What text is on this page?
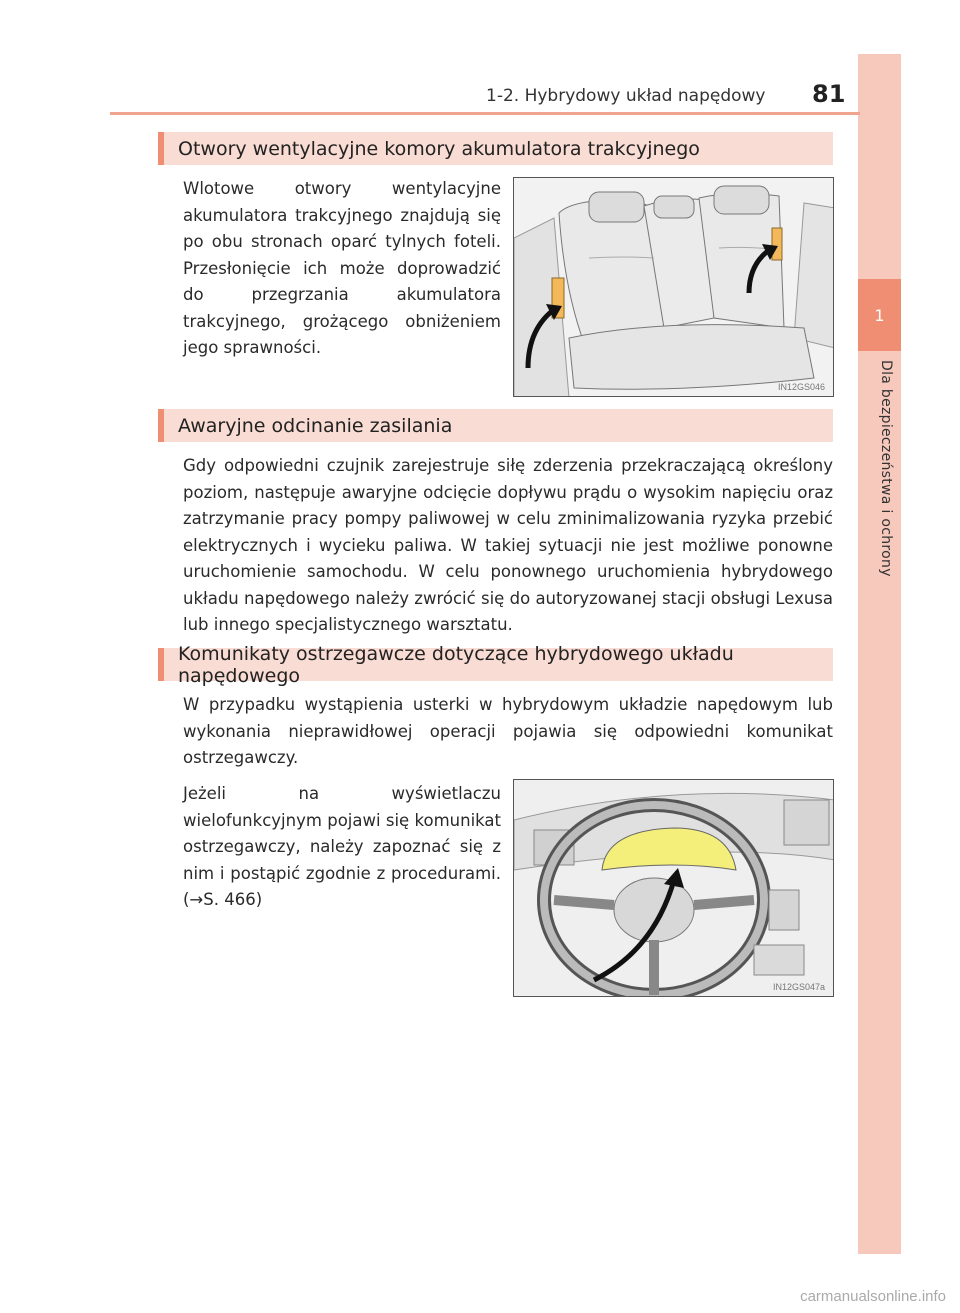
1
Dla bezpieczeństwa i ochrony
1-2. Hybrydowy układ napędowy 81
Otwory wentylacyjne komory akumulatora trakcyjnego
Wlotowe otwory wentylacyjne akumulatora trakcyjnego znajdują się po obu stronach oparć tylnych foteli. Przesłonięcie ich może doprowadzić do przegrzania akumulatora trakcyjnego, grożącego obniżeniem jego sprawności.
IN12GS046
Awaryjne odcinanie zasilania
Gdy odpowiedni czujnik zarejestruje siłę zderzenia przekraczającą określony poziom, następuje awaryjne odcięcie dopływu prądu o wysokim napięciu oraz zatrzymanie pracy pompy paliwowej w celu zminimalizowania ryzyka przebić elektrycznych i wycieku paliwa. W takiej sytuacji nie jest możliwe ponowne uruchomienie samochodu. W celu ponownego uruchomienia hybrydowego układu napędowego należy zwrócić się do autoryzowanej stacji obsługi Lexusa lub innego specjalistycznego warsztatu.
Komunikaty ostrzegawcze dotyczące hybrydowego układu napędowego
W przypadku wystąpienia usterki w hybrydowym układzie napędowym lub wykonania nieprawidłowej operacji pojawia się odpowiedni komunikat ostrzegawczy.
Jeżeli na wyświetlaczu wielofunkcyjnym pojawi się komunikat ostrzegawczy, należy zapoznać się z nim i postąpić zgodnie z procedurami. (→S. 466)
IN12GS047a
carmanualsonline.info
